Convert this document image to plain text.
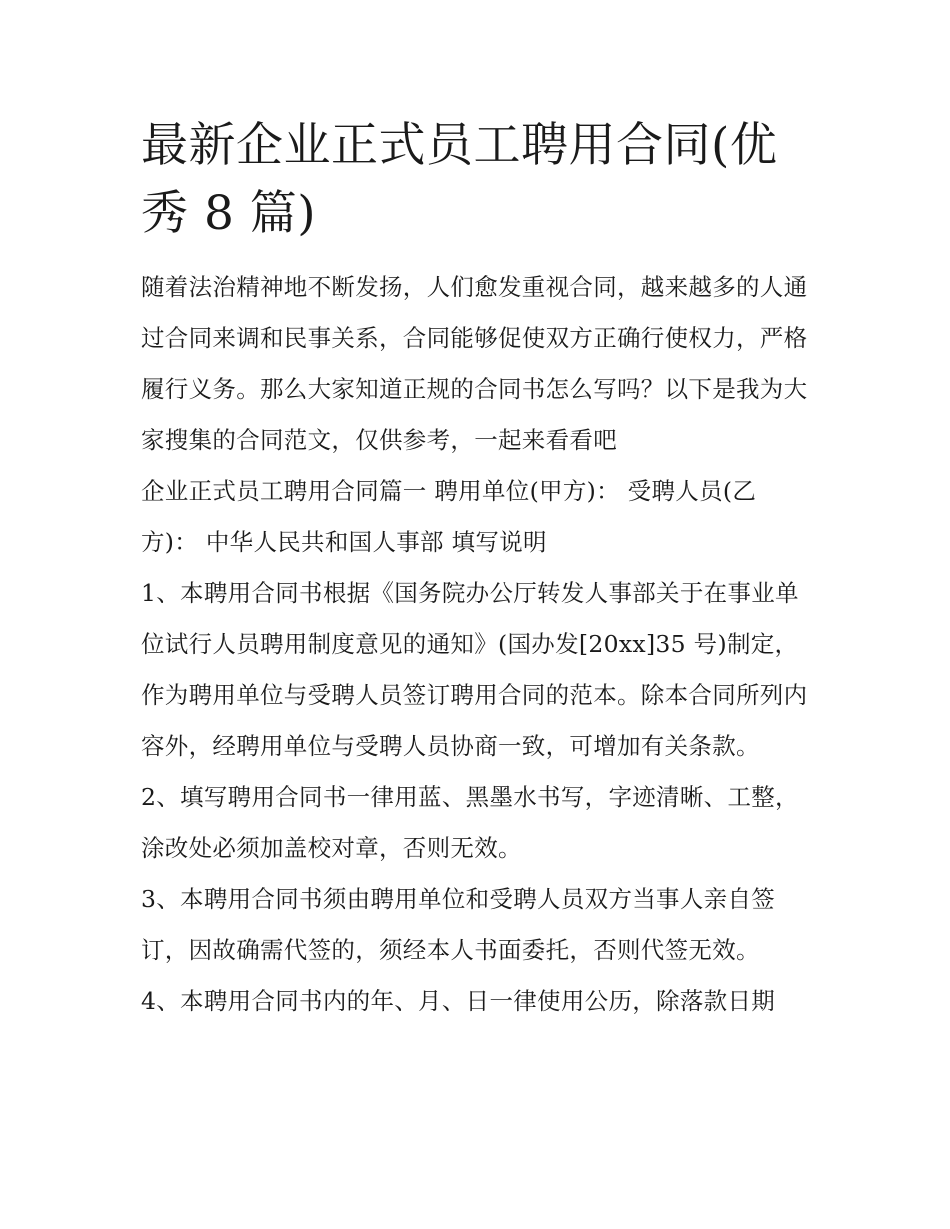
最新企业正式员工聘用合同(优秀 8 篇)

随着法治精神地不断发扬，人们愈发重视合同，越来越多的人通过合同来调和民事关系，合同能够促使双方正确行使权力，严格履行义务。那么大家知道正规的合同书怎么写吗？以下是我为大家搜集的合同范文，仅供参考，一起来看看吧

企业正式员工聘用合同篇一 聘用单位(甲方)： 受聘人员(乙方)： 中华人民共和国人事部 填写说明

1、本聘用合同书根据《国务院办公厅转发人事部关于在事业单位试行人员聘用制度意见的通知》(国办发[20xx]35 号)制定，作为聘用单位与受聘人员签订聘用合同的范本。除本合同所列内容外，经聘用单位与受聘人员协商一致，可增加有关条款。

2、填写聘用合同书一律用蓝、黑墨水书写，字迹清晰、工整，涂改处必须加盖校对章，否则无效。

3、本聘用合同书须由聘用单位和受聘人员双方当事人亲自签订，因故确需代签的，须经本人书面委托，否则代签无效。

4、本聘用合同书内的年、月、日一律使用公历，除落款日期
